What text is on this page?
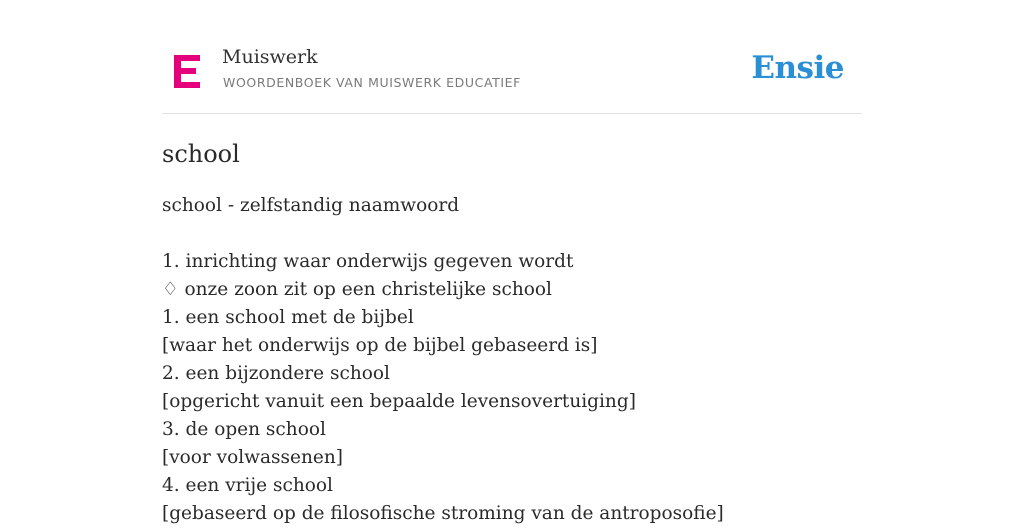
Muiswerk
WOORDENBOEK VAN MUISWERK EDUCATIEF	Ensie
school
school - zelfstandig naamwoord
1. inrichting waar onderwijs gegeven wordt
♢ onze zoon zit op een christelijke school
1. een school met de bijbel
[waar het onderwijs op de bijbel gebaseerd is]
2. een bijzondere school
[opgericht vanuit een bepaalde levensovertuiging]
3. de open school
[voor volwassenen]
4. een vrije school
[gebaseerd op de filosofische stroming van de antroposofie]
